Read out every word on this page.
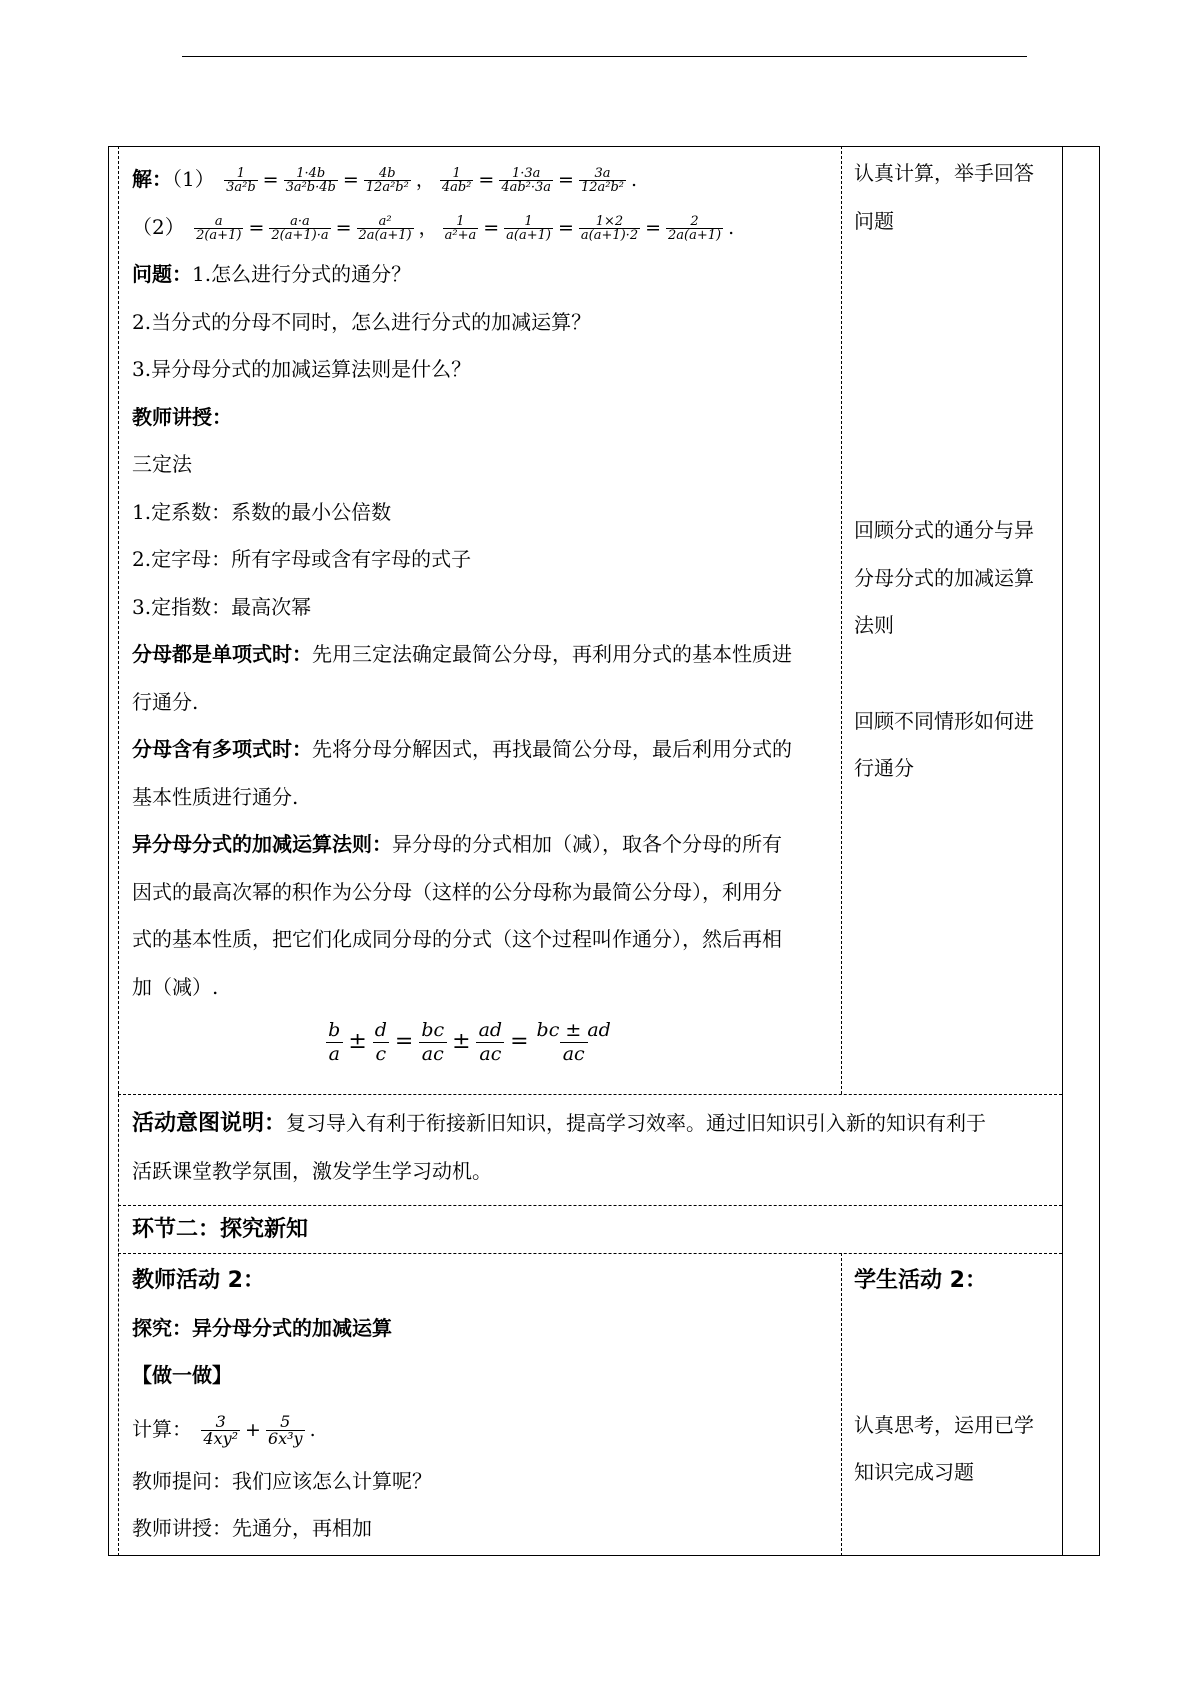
解：$(1) \frac{1}{\text{3a²b}} = \frac{1\cdot 4b}{\text{3a²b·4b}} = \frac{4b}{\text{12a²b²}}$ ， $\frac{1}{\text{4ab²}} = \frac{1\cdot 3a}{\text{4ab²·3a}} = \frac{3a}{\text{12a²b²}}$ .
$(2) \frac{a}{2(a+1)} = \frac{a\cdot a}{2(a+1)\cdot a} = \frac{\text{a²}}{2a(a+1)}$ ， $\frac{1}{\text{a²+a}} = \frac{1}{a(a+1)} = \frac{1\times 2}{a(a+1)\cdot 2} = \frac{2}{2a(a+1)}$ .
问题：1.怎么进行分式的通分？
2.当分式的分母不同时，怎么进行分式的加减运算？
3.异分母分式的加减运算法则是什么？
教师讲授：
三定法
1.定系数：系数的最小公倍数
2.定字母：所有字母或含有字母的式子
3.定指数：最高次幂
分母都是单项式时：先用三定法确定最简公分母，再利用分式的基本性质进
行通分.
分母含有多项式时：先将分母分解因式，再找最简公分母，最后利用分式的
基本性质进行通分.
异分母分式的加减运算法则：异分母的分式相加（减），取各个分母的所有
因式的最高次幂的积作为公分母（这样的公分母称为最简公分母），利用分
式的基本性质，把它们化成同分母的分式（这个过程叫作通分），然后再相
加（减）.
$\frac{b}{a} \pm \frac{d}{c} = \frac{bc}{ac} \pm \frac{ad}{ac} = \frac{bc \pm ad}{ac}$
认真计算，举手回答
问题
回顾分式的通分与异
分母分式的加减运算
法则
回顾不同情形如何进
行通分
活动意图说明：复习导入有利于衔接新旧知识，提高学习效率。通过旧知识引入新的知识有利于
活跃课堂教学氛围，激发学生学习动机。
环节二：探究新知
教师活动 2：
探究：异分母分式的加减运算
【做一做】
计算： $\frac{3}{\text{4xy²}} + \frac{5}{\text{6x³y}}$ .
教师提问：我们应该怎么计算呢？
教师讲授：先通分，再相加
学生活动 2：
认真思考，运用已学
知识完成习题
